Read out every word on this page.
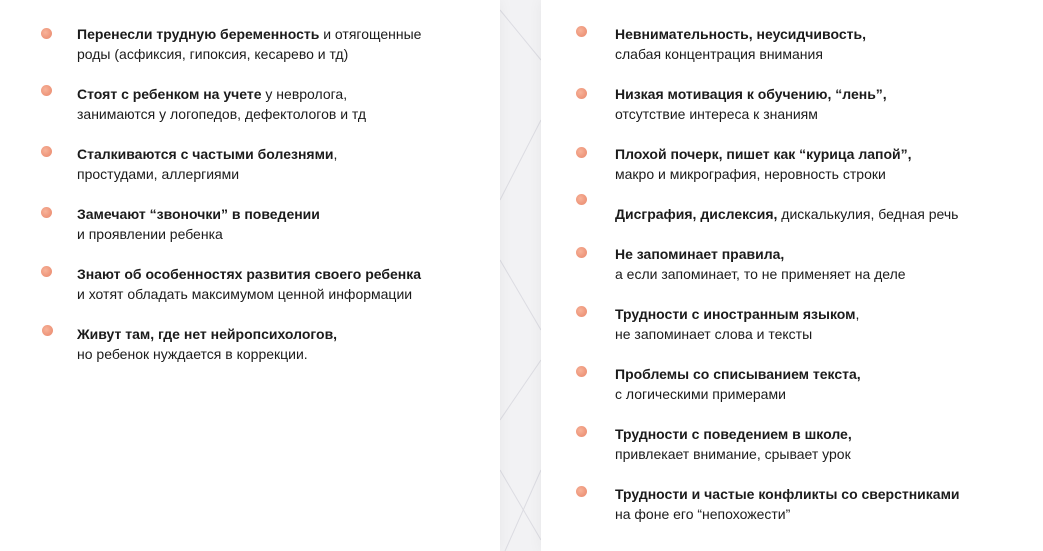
Перенесли трудную беременность и отягощенные
роды (асфиксия, гипоксия, кесарево и тд)
Стоят с ребенком на учете у невролога,
занимаются у логопедов, дефектологов и тд
Сталкиваются с частыми болезнями,
простудами, аллергиями
Замечают “звоночки” в поведении
и проявлении ребенка
Знают об особенностях развития своего ребенка
и хотят обладать максимумом ценной информации
Живут там, где нет нейропсихологов,
но ребенок нуждается в коррекции.
Невнимательность, неусидчивость,
слабая концентрация внимания
Низкая мотивация к обучению, “лень”,
отсутствие интереса к знаниям
Плохой почерк, пишет как “курица лапой”,
макро и микрография, неровность строки
Дисграфия, дислексия, дискалькулия, бедная речь
Не запоминает правила,
а если запоминает, то не применяет на деле
Трудности с иностранным языком,
не запоминает слова и тексты
Проблемы со списыванием текста,
с логическими примерами
Трудности с поведением в школе,
привлекает внимание, срывает урок
Трудности и частые конфликты со сверстниками
на фоне его “непохожести”
